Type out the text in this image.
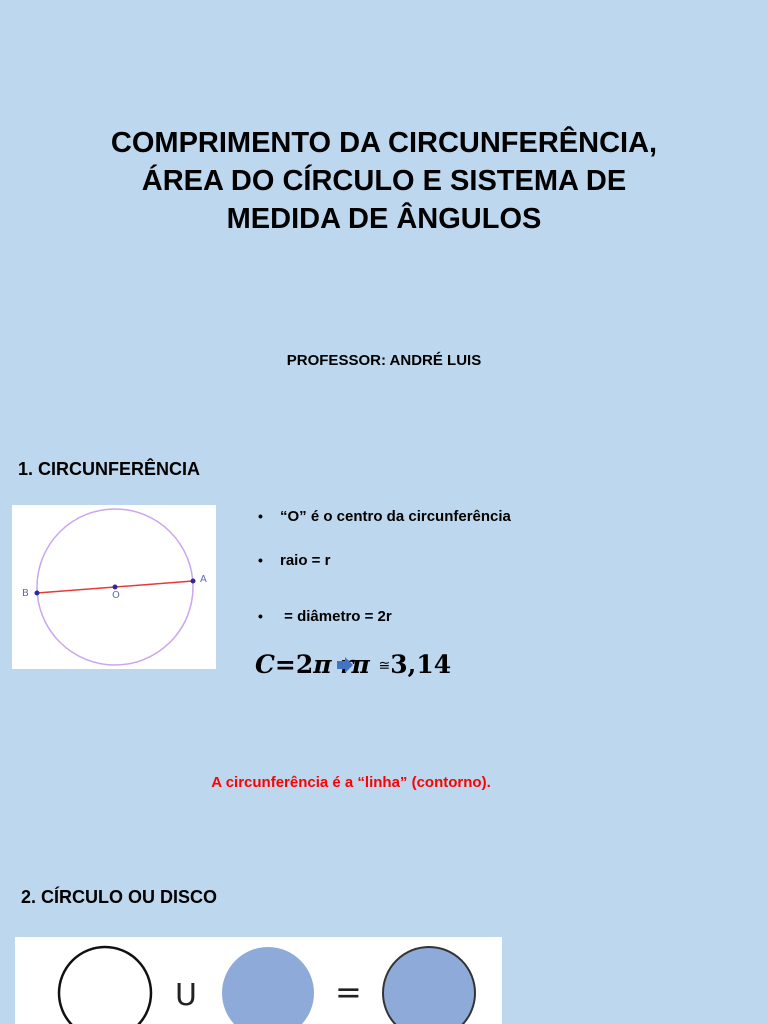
COMPRIMENTO DA CIRCUNFERÊNCIA,
ÁREA DO CÍRCULO E SISTEMA DE
MEDIDA DE ÂNGULOS
PROFESSOR: ANDRÉ LUIS
1. CIRCUNFERÊNCIA
B
A
O
• “O” é o centro da circunferência
• raio = r
• = diâmetro = 2r
C=2π π ≅3,14
A circunferência é a “linha” (contorno).
2. CÍRCULO OU DISCO
U	=
